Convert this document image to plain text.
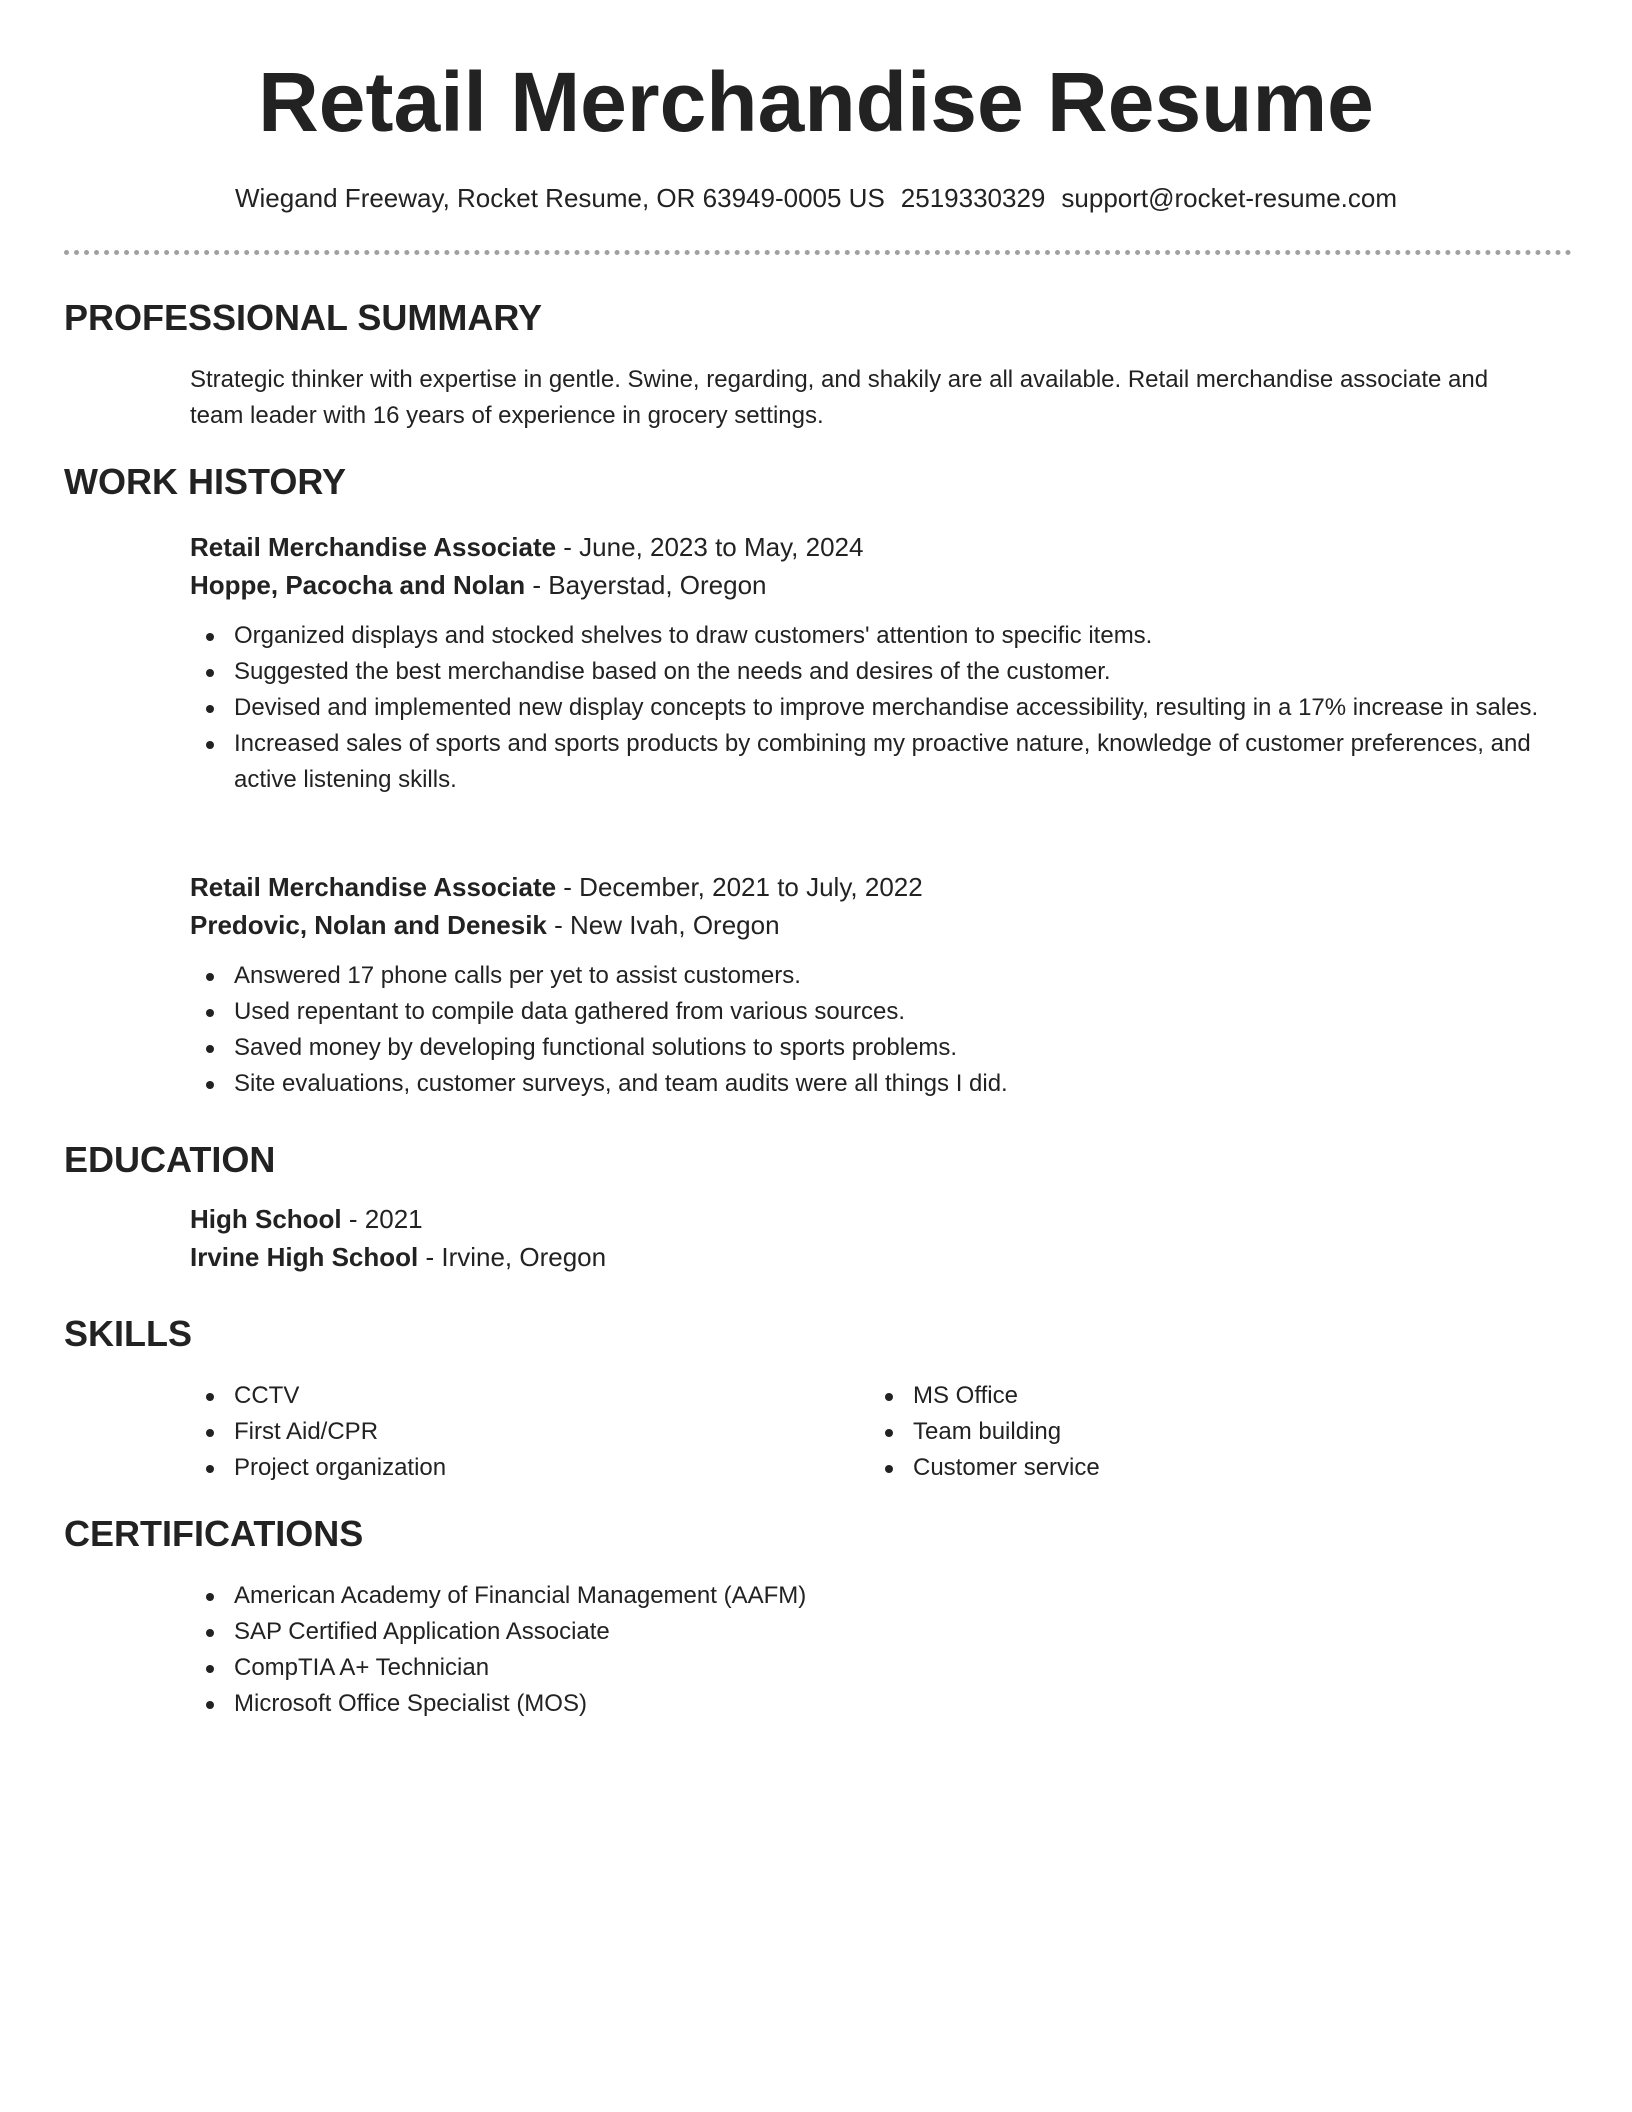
Retail Merchandise Resume
Wiegand Freeway, Rocket Resume, OR 63949-0005 US 2519330329 support@rocket-resume.com
PROFESSIONAL SUMMARY
Strategic thinker with expertise in gentle. Swine, regarding, and shakily are all available. Retail merchandise associate and team leader with 16 years of experience in grocery settings.
WORK HISTORY
Retail Merchandise Associate - June, 2023 to May, 2024
Hoppe, Pacocha and Nolan - Bayerstad, Oregon
Organized displays and stocked shelves to draw customers' attention to specific items.
Suggested the best merchandise based on the needs and desires of the customer.
Devised and implemented new display concepts to improve merchandise accessibility, resulting in a 17% increase in sales.
Increased sales of sports and sports products by combining my proactive nature, knowledge of customer preferences, and active listening skills.
Retail Merchandise Associate - December, 2021 to July, 2022
Predovic, Nolan and Denesik - New Ivah, Oregon
Answered 17 phone calls per yet to assist customers.
Used repentant to compile data gathered from various sources.
Saved money by developing functional solutions to sports problems.
Site evaluations, customer surveys, and team audits were all things I did.
EDUCATION
High School - 2021
Irvine High School - Irvine, Oregon
SKILLS
CCTV
First Aid/CPR
Project organization
MS Office
Team building
Customer service
CERTIFICATIONS
American Academy of Financial Management (AAFM)
SAP Certified Application Associate
CompTIA A+ Technician
Microsoft Office Specialist (MOS)
